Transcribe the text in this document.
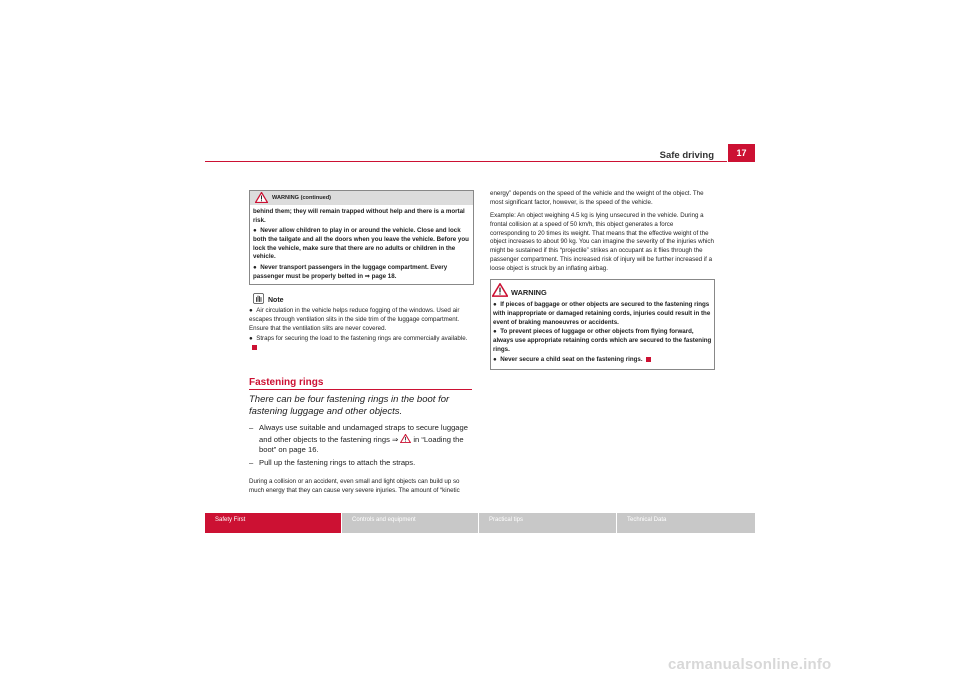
Safe driving	17
WARNING (continued)
behind them; they will remain trapped without help and there is a mortal risk.
●  Never allow children to play in or around the vehicle. Close and lock both the tailgate and all the doors when you leave the vehicle. Before you lock the vehicle, make sure that there are no adults or children in the vehicle.
●  Never transport passengers in the luggage compartment. Every passenger must be properly belted in ⇒ page 18.
Note
●  Air circulation in the vehicle helps reduce fogging of the windows. Used air escapes through ventilation slits in the side trim of the luggage compartment. Ensure that the ventilation slits are never covered.
●  Straps for securing the load to the fastening rings are commercially available.
Fastening rings
There can be four fastening rings in the boot for fastening luggage and other objects.
– Always use suitable and undamaged straps to secure luggage and other objects to the fastening rings ⇒ in “Loading the boot” on page 16.
– Pull up the fastening rings to attach the straps.
During a collision or an accident, even small and light objects can build up so much energy that they can cause very severe injuries. The amount of “kinetic
energy” depends on the speed of the vehicle and the weight of the object. The most significant factor, however, is the speed of the vehicle.
Example: An object weighing 4.5 kg is lying unsecured in the vehicle. During a frontal collision at a speed of 50 km/h, this object generates a force corresponding to 20 times its weight. That means that the effective weight of the object increases to about 90 kg. You can imagine the severity of the injuries which might be sustained if this “projectile” strikes an occupant as it flies through the passenger compartment. This increased risk of injury will be further increased if a loose object is struck by an inflating airbag.
WARNING
●  If pieces of baggage or other objects are secured to the fastening rings with inappropriate or damaged retaining cords, injuries could result in the event of braking manoeuvres or accidents.
●  To prevent pieces of luggage or other objects from flying forward, always use appropriate retaining cords which are secured to the fastening rings.
●  Never secure a child seat on the fastening rings.
Safety First	Controls and equipment	Practical tips	Technical Data
carmanualsonline.info
